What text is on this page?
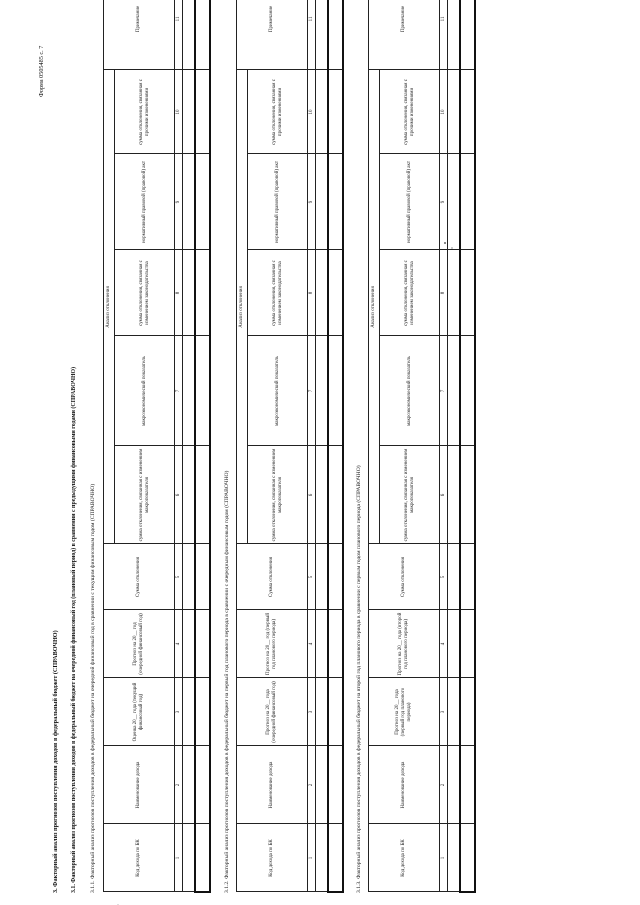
Форма 0505485 с. 7
3. Факторный анализ прогнозов поступления доходов в федеральный бюджет (СПРАВОЧНО) 3.1. Факторный анализ прогнозов поступления доходов в федеральный бюджет на очередной финансовый год (плановый период) в сравнении с предыдущими финансовыми годами (СПРАВОЧНО) 3.1.1. Факторный анализ прогнозов поступления доходов в федеральный бюджет на очередной финансовый год в сравнении с текущим финансовым годом (СПРАВОЧНО)	Код дохода по БК	Наименование дохода	Оценка 20__ года (текущий финансовый год)	Прогноз на 20__ год (очередной финансовый год)	Сумма отклонения	Анализ отклонения					Примечание
					сумма отклонения, связанная с изменением макропоказателя	макроэкономический показатель	сумма отклонения, связанная с изменением законодательства	нормативный правовой (правовой) акт	сумма отклонения, связанная с прочими изменениями	
1	2	3	4	5	6	7	8	9	10	11

3.1.2. Факторный анализ прогнозов поступления доходов в федеральный бюджет на первый год планового периода в сравнении с очередным финансовым годом (СПРАВОЧНО)	Код дохода по БК	Наименование дохода	Прогноз на 20__ года (очередной финансовый год)	Прогноз на 20__ год (первый год планового периода)	Сумма отклонения	Анализ отклонения					Примечание
					сумма отклонения, связанная с изменением макропоказателя	макроэкономический показатель	сумма отклонения, связанная с изменением законодательства	нормативный правовой (правовой) акт	сумма отклонения, связанная с прочими изменениями	
1	2	3	4	5	6	7	8	9	10	11

3.1.3. Факторный анализ прогнозов поступления доходов в федеральный бюджет на второй год планового периода в сравнении с первым годом планового периода (СПРАВОЧНО)	Код дохода по БК	Наименование дохода	Прогноз на 20__ года (первый год планового периода)	Прогноз на 20__ года (второй год планового периода)	Сумма отклонения	Анализ отклонения					Примечание
					сумма отклонения, связанная с изменением макропоказателя	макроэкономический показатель	сумма отклонения, связанная с изменением законодательства	нормативный правовой (правовой) акт	сумма отклонения, связанная с прочими изменениями	
1	2	3	4	5	6	7	8	9	10	11
